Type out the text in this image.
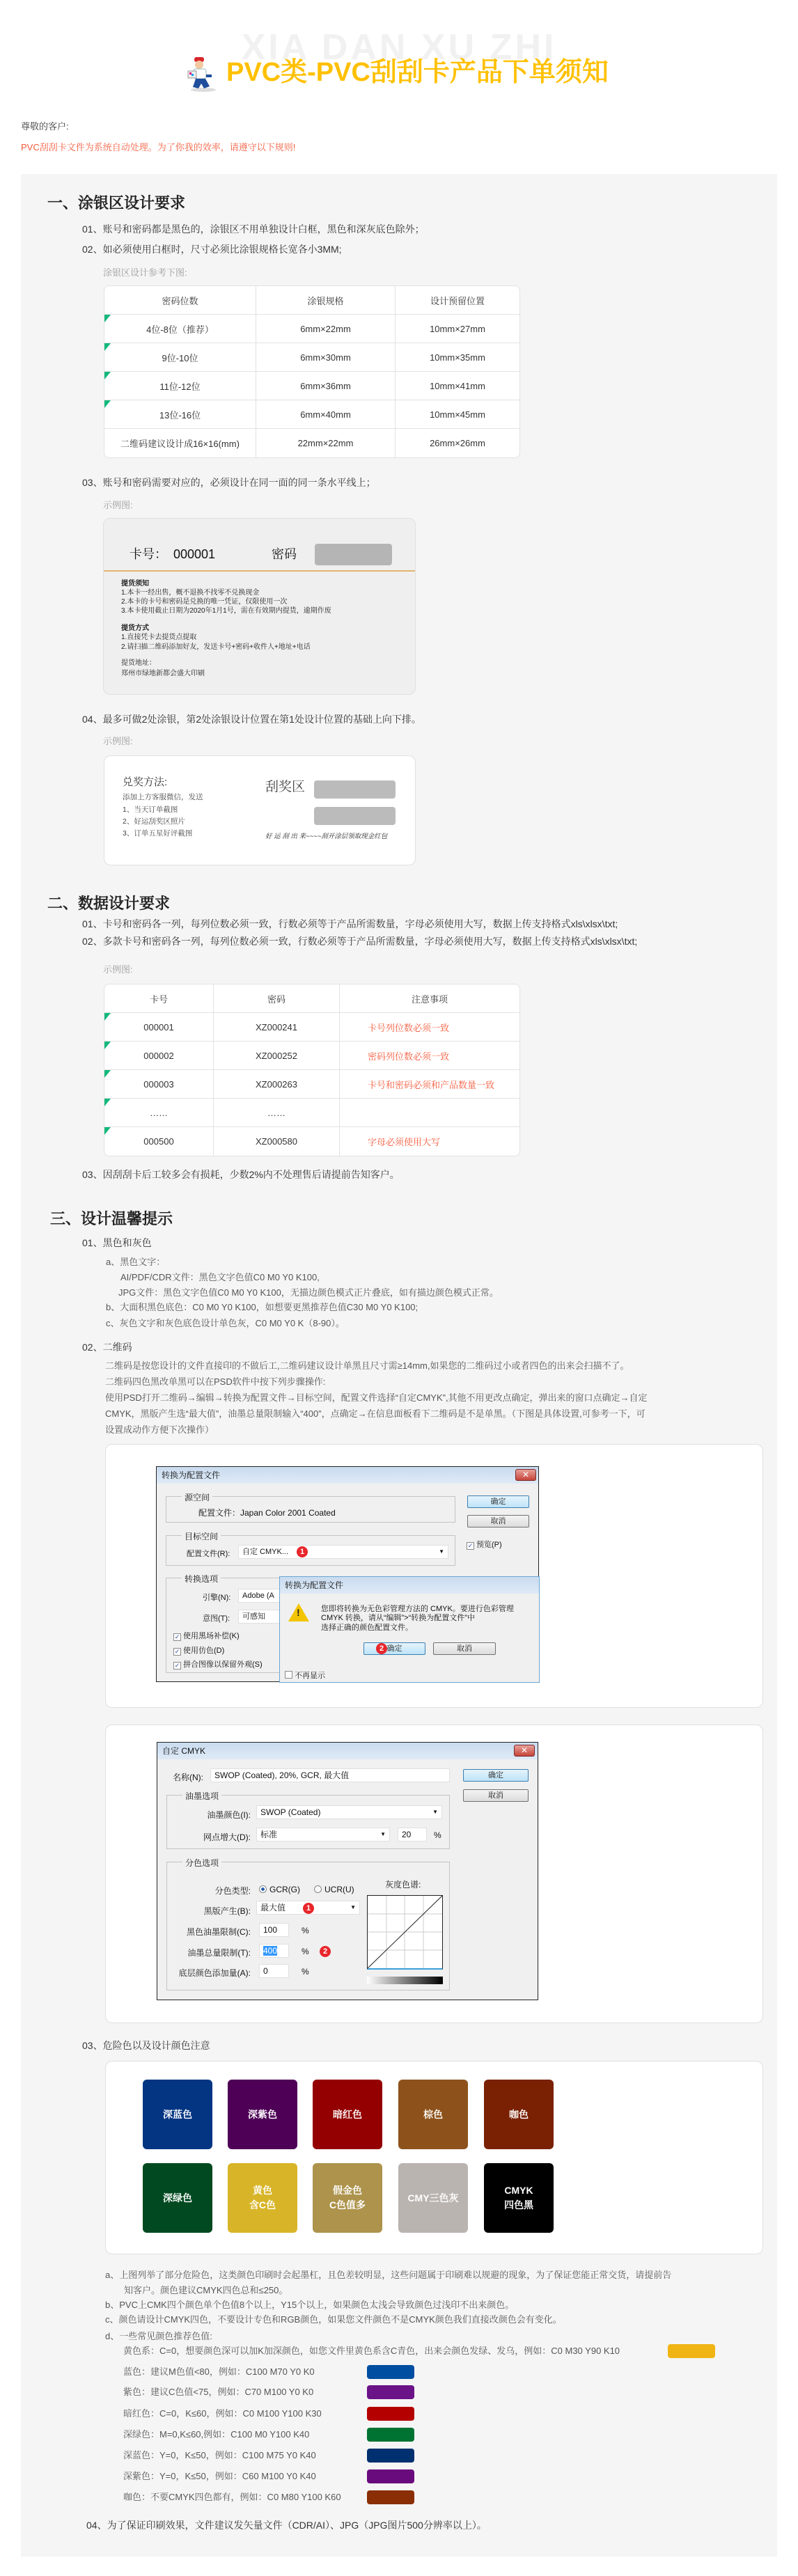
XIA DAN XU ZHI
PVC类-PVC刮刮卡产品下单须知
尊敬的客户:
PVC刮刮卡文件为系统自动处理。为了你我的效率，请遵守以下规则!
一、涂银区设计要求
01、账号和密码都是黑色的，涂银区不用单独设计白框，黑色和深灰底色除外；
02、如必须使用白框时，尺寸必须比涂银规格长宽各小3MM;
涂银区设计参考下图:
密码位数	涂银规格	设计预留位置

4位-8位（推荐）	6mm×22mm	10mm×27mm

9位-10位	6mm×30mm	10mm×35mm

11位-12位	6mm×36mm	10mm×41mm

13位-16位	6mm×40mm	10mm×45mm
二维码建议设计成16×16(mm)	22mm×22mm	26mm×26mm
03、账号和密码需要对应的，必须设计在同一面的同一条水平线上；
示例图:
卡号： 000001	密码
提货须知
1.本卡一经出售，概不退换不找零不兑换现金
2.本卡的卡号和密码是兑换的唯一凭证，仅限使用一次
3.本卡使用截止日期为2020年1月1号，需在有效期内提货，逾期作废
提货方式
1.直接凭卡去提货点提取
2.请扫描二维码添加好友，发送卡号+密码+收件人+地址+电话
提货地址：
郑州市绿地新都会盛大印刷
04、最多可做2处涂银，第2处涂银设计位置在第1处设计位置的基础上向下排。
示例图:
兑奖方法:
添加上方客服微信，发送
1、当天订单截图
2、好运刮奖区照片
3、订单五星好评截图
刮奖区
好 运 刮 出 来~~~~刮开涂层领取现金红包
二、数据设计要求
01、卡号和密码各一列，每列位数必须一致，行数必须等于产品所需数量，字母必须使用大写，数据上传支持格式xls\xlsx\txt;
02、多款卡号和密码各一列，每列位数必须一致，行数必须等于产品所需数量，字母必须使用大写，数据上传支持格式xls\xlsx\txt;
示例图:
卡号	密码	注意事项

000001	XZ000241	卡号列位数必须一致

000002	XZ000252	密码列位数必须一致

000003	XZ000263	卡号和密码必须和产品数量一致

……	……	

000500	XZ000580	字母必须使用大写
03、因刮刮卡后工较多会有损耗，少数2%内不处理售后请提前告知客户。
三、设计温馨提示
01、黑色和灰色
a、黑色文字：
AI/PDF/CDR文件：黑色文字色值C0 M0 Y0 K100,
JPG文件：黑色文字色值C0 M0 Y0 K100，无描边颜色模式正片叠底，如有描边颜色模式正常。
b、大面积黑色底色：C0 M0 Y0 K100，如想要更黑推荐色值C30 M0 Y0 K100;
c、灰色文字和灰色底色设计单色灰，C0 M0 Y0 K（8-90）。
02、二维码
二维码是按您设计的文件直接印的不做后工,二维码建议设计单黑且尺寸需≥14mm,如果您的二维码过小或者四色的出来会扫描不了。
二维码四色黑改单黑可以在PSD软件中按下列步骤操作:
使用PSD打开二维码→编辑→转换为配置文件→目标空间，配置文件选择“自定CMYK”,其他不用更改点确定，弹出来的窗口点确定→自定
CMYK，黑版产生选“最大值”，油墨总量限制输入“400”，点确定→在信息面板看下二维码是不是单黑。（下图是具体设置,可参考一下，可
设置成动作方便下次操作）
转换为配置文件	✕
源空间
配置文件：Japan Color 2001 Coated
确定
取消
✓ 预览(P)
目标空间
配置文件(R):	自定 CMYK...	▼
1
转换选项
引擎(N):	Adobe (A
意图(T):	可感知
✓ 使用黑场补偿(K)
✓ 使用仿色(D)
✓ 拼合图像以保留外观(S)
转换为配置文件
!	您即将转换为无色彩管理方法的 CMYK。要进行色彩管理
CMYK 转换，请从“编辑”>“转换为配置文件”中
选择正确的颜色配置文件。
确定
2	取消
不再显示
自定 CMYK	✕
名称(N):	SWOP (Coated), 20%, GCR, 最大值	确定
取消
油墨选项
油墨颜色(I):	SWOP (Coated)	▼
网点增大(D):	标准	▼	20	%
分色选项
分色类型:	GCR(G)	UCR(U)	灰度色谱:
黑版产生(B):	最大值	▼
1
黑色油墨限制(C):	100	%
油墨总量限制(T):	400	%	2
底层颜色添加量(A):	0	%
03、危险色以及设计颜色注意
深蓝色	深紫色	暗红色	棕色	咖色
深绿色
黄色
含C色
假金色
C色值多
CMY三色灰
CMYK
四色黑
a、上图列举了部分危险色，这类颜色印刷时会起墨杠，且色差较明显，这些问题属于印刷难以规避的现象，为了保证您能正常交货，请提前告
知客户。颜色建议CMYK四色总和≤250。
b、PVC上CMK四个颜色单个色值8个以上，Y15个以上，如果颜色太浅会导致颜色过浅印不出来颜色。
c、颜色请设计CMYK四色，不要设计专色和RGB颜色，如果您文件颜色不是CMYK颜色我们直接改颜色会有变化。
d、一些常见颜色推荐色值:
黄色系：C=0，想要颜色深可以加K加深颜色，如您文件里黄色系含C青色，出来会颜色发绿、发乌，例如：C0 M30 Y90 K10
蓝色：建议M色值<80，例如：C100 M70 Y0 K0
紫色：建议C色值<75，例如：C70 M100 Y0 K0
暗红色：C=0，K≤60，例如：C0 M100 Y100 K30
深绿色：M=0,K≤60,例如：C100 M0 Y100 K40
深蓝色：Y=0，K≤50，例如：C100 M75 Y0 K40
深紫色：Y=0，K≤50，例如：C60 M100 Y0 K40
咖色：不要CMYK四色都有，例如：C0 M80 Y100 K60
04、为了保证印刷效果，文件建议发矢量文件（CDR/AI）、JPG（JPG图片500分辨率以上）。
